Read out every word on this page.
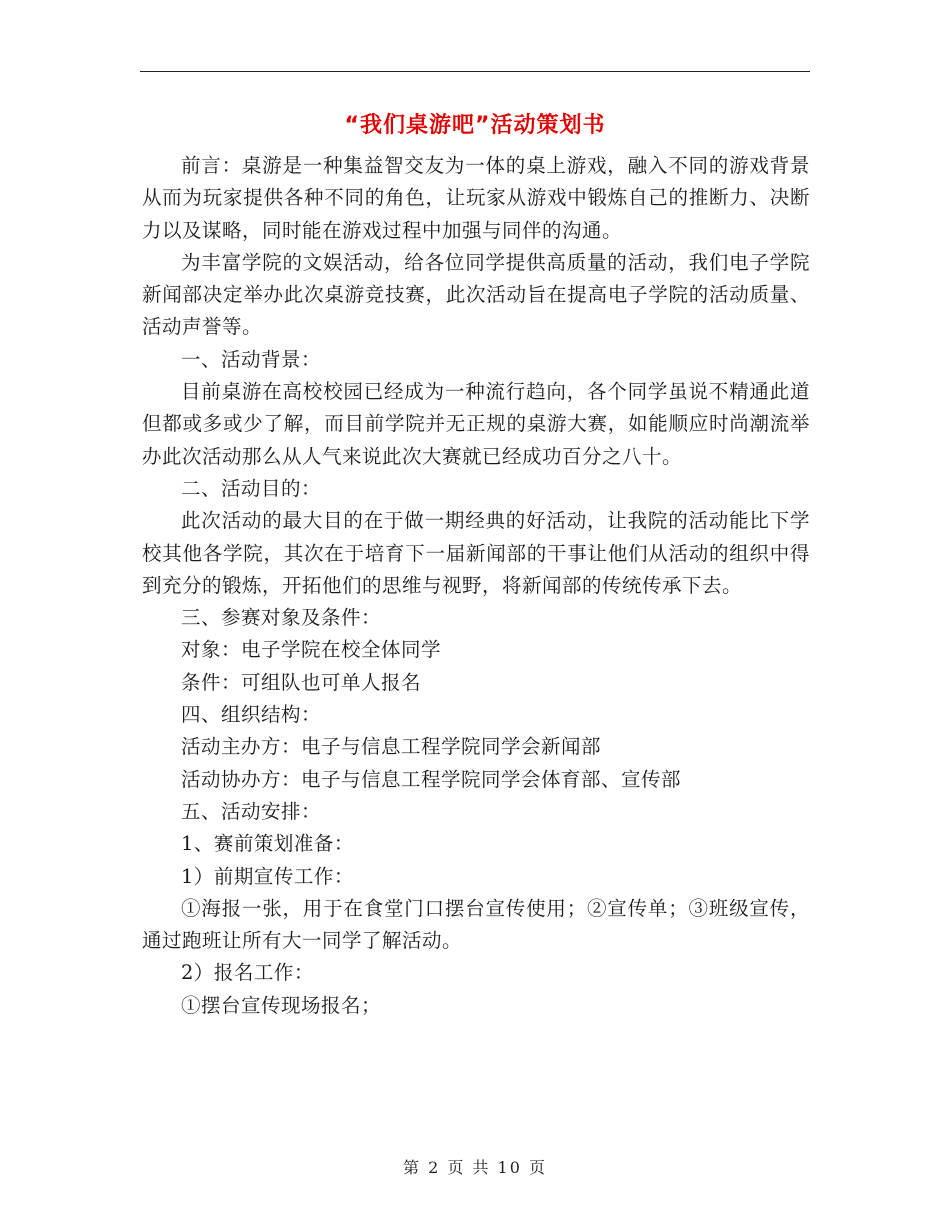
“我们桌游吧”活动策划书

前言：桌游是一种集益智交友为一体的桌上游戏，融入不同的游戏背景从而为玩家提供各种不同的角色，让玩家从游戏中锻炼自己的推断力、决断力以及谋略，同时能在游戏过程中加强与同伴的沟通。

为丰富学院的文娱活动，给各位同学提供高质量的活动，我们电子学院新闻部决定举办此次桌游竞技赛，此次活动旨在提高电子学院的活动质量、活动声誉等。

一、活动背景：

目前桌游在高校校园已经成为一种流行趋向，各个同学虽说不精通此道但都或多或少了解，而目前学院并无正规的桌游大赛，如能顺应时尚潮流举办此次活动那么从人气来说此次大赛就已经成功百分之八十。

二、活动目的：

此次活动的最大目的在于做一期经典的好活动，让我院的活动能比下学校其他各学院，其次在于培育下一届新闻部的干事让他们从活动的组织中得到充分的锻炼，开拓他们的思维与视野，将新闻部的传统传承下去。

三、参赛对象及条件：

对象：电子学院在校全体同学

条件：可组队也可单人报名

四、组织结构：

活动主办方：电子与信息工程学院同学会新闻部

活动协办方：电子与信息工程学院同学会体育部、宣传部

五、活动安排：

1、赛前策划准备：

1）前期宣传工作：

①海报一张，用于在食堂门口摆台宣传使用；②宣传单；③班级宣传，通过跑班让所有大一同学了解活动。

2）报名工作：

①摆台宣传现场报名；

第 2 页 共 10 页
